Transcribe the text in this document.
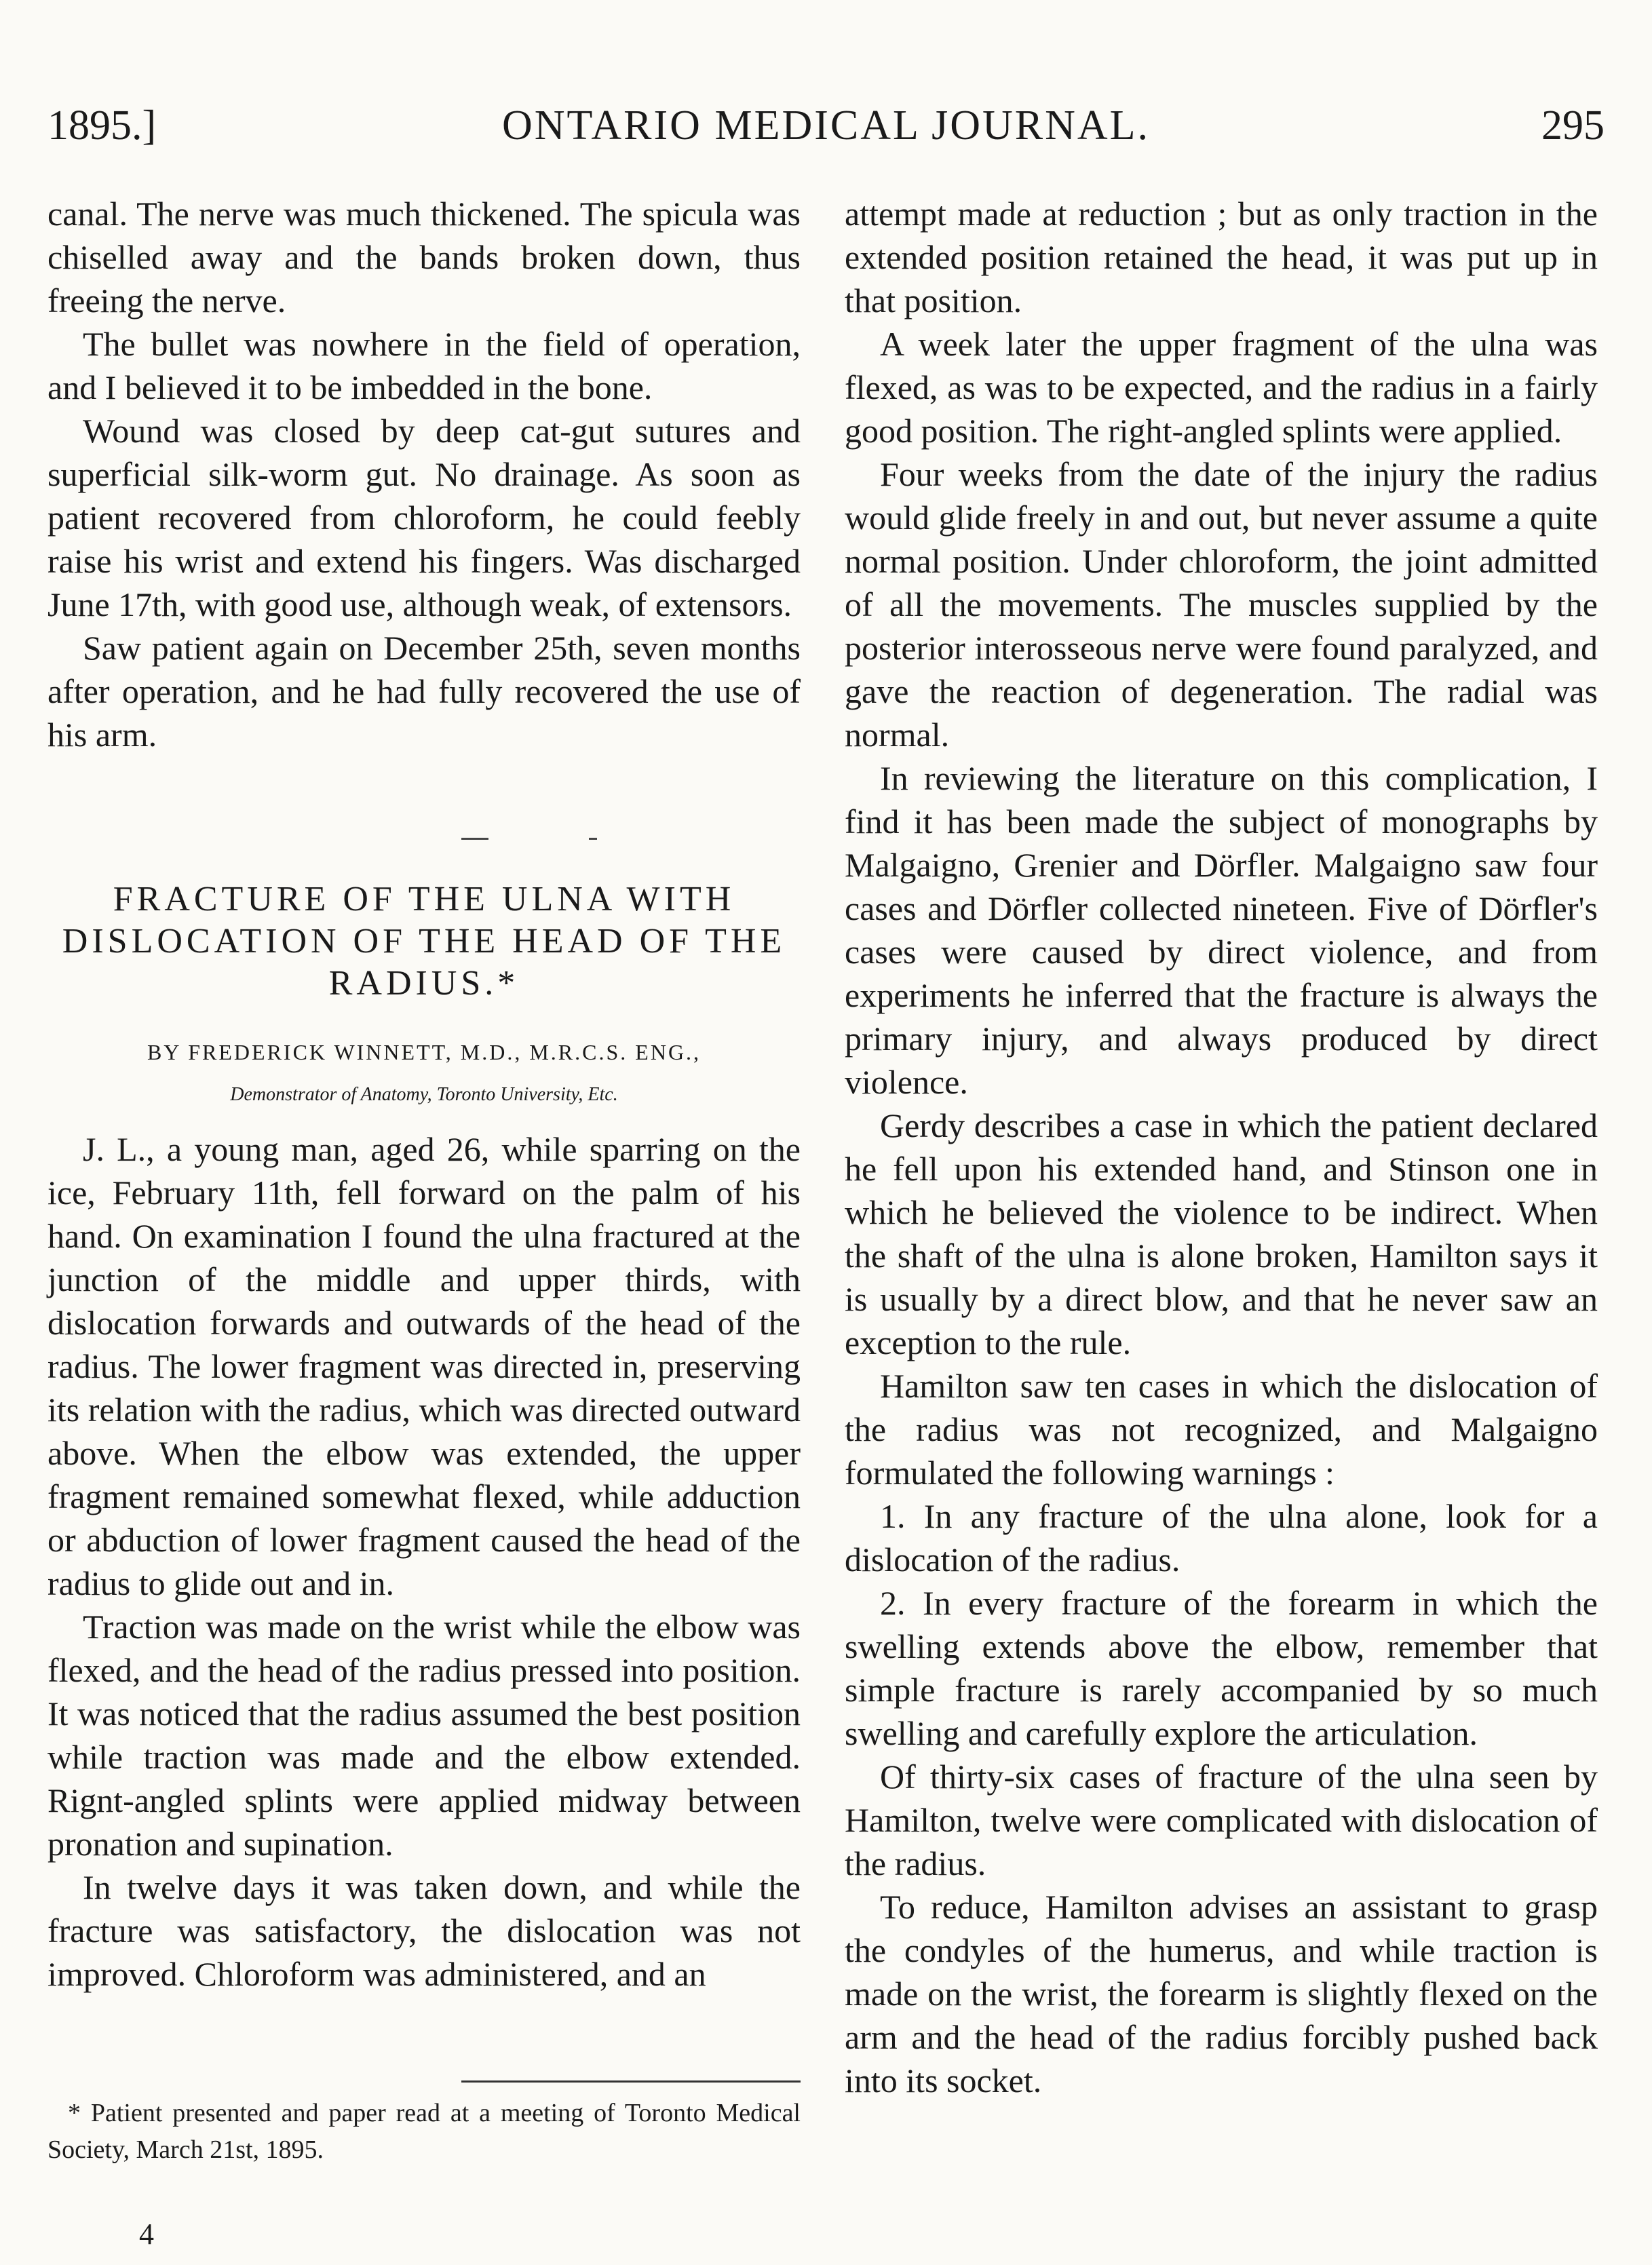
1895.]	ONTARIO MEDICAL JOURNAL.	295

canal. The nerve was much thickened. The spicula was chiselled away and the bands broken down, thus freeing the nerve.

The bullet was nowhere in the field of operation, and I believed it to be imbedded in the bone.

Wound was closed by deep cat-gut sutures and superficial silk-worm gut. No drainage. As soon as patient recovered from chloroform, he could feebly raise his wrist and extend his fingers. Was discharged June 17th, with good use, although weak, of extensors.

Saw patient again on December 25th, seven months after operation, and he had fully recovered the use of his arm.

FRACTURE OF THE ULNA WITH DISLOCATION OF THE HEAD OF THE RADIUS.*
BY FREDERICK WINNETT, M.D., M.R.C.S. ENG.,
Demonstrator of Anatomy, Toronto University, Etc.

J. L., a young man, aged 26, while sparring on the ice, February 11th, fell forward on the palm of his hand. On examination I found the ulna fractured at the junction of the middle and upper thirds, with dislocation forwards and outwards of the head of the radius. The lower fragment was directed in, preserving its relation with the radius, which was directed outward above. When the elbow was extended, the upper fragment remained somewhat flexed, while adduction or abduction of lower fragment caused the head of the radius to glide out and in.

Traction was made on the wrist while the elbow was flexed, and the head of the radius pressed into position. It was noticed that the radius assumed the best position while traction was made and the elbow extended. Rignt-angled splints were applied midway between pronation and supination.

In twelve days it was taken down, and while the fracture was satisfactory, the dislocation was not improved. Chloroform was administered, and an

* Patient presented and paper read at a meeting of Toronto Medical Society, March 21st, 1895.
4

attempt made at reduction ; but as only traction in the extended position retained the head, it was put up in that position.

A week later the upper fragment of the ulna was flexed, as was to be expected, and the radius in a fairly good position. The right-angled splints were applied.

Four weeks from the date of the injury the radius would glide freely in and out, but never assume a quite normal position. Under chloroform, the joint admitted of all the movements. The muscles supplied by the posterior interosseous nerve were found paralyzed, and gave the reaction of degeneration. The radial was normal.

In reviewing the literature on this complication, I find it has been made the subject of monographs by Malgaigno, Grenier and Dörfler. Malgaigno saw four cases and Dörfler collected nineteen. Five of Dörfler's cases were caused by direct violence, and from experiments he inferred that the fracture is always the primary injury, and always produced by direct violence.

Gerdy describes a case in which the patient declared he fell upon his extended hand, and Stinson one in which he believed the violence to be indirect. When the shaft of the ulna is alone broken, Hamilton says it is usually by a direct blow, and that he never saw an exception to the rule.

Hamilton saw ten cases in which the dislocation of the radius was not recognized, and Malgaigno formulated the following warnings :

1. In any fracture of the ulna alone, look for a dislocation of the radius.

2. In every fracture of the forearm in which the swelling extends above the elbow, remember that simple fracture is rarely accompanied by so much swelling and carefully explore the articulation.

Of thirty-six cases of fracture of the ulna seen by Hamilton, twelve were complicated with dislocation of the radius.

To reduce, Hamilton advises an assistant to grasp the condyles of the humerus, and while traction is made on the wrist, the forearm is slightly flexed on the arm and the head of the radius forcibly pushed back into its socket.
